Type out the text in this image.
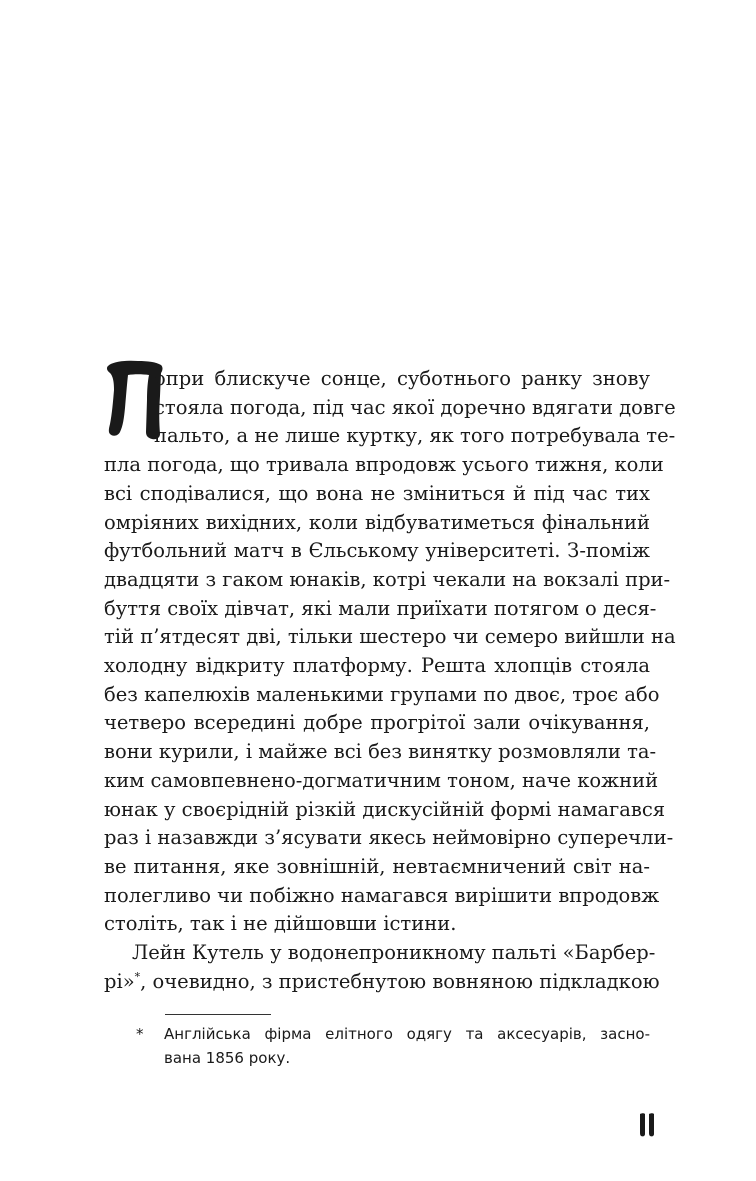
опри блискуче сонце, суботнього ранку знову
стояла погода, під час якої доречно вдягати довге
пальто, а не лише куртку, як того потребувала те-
пла погода, що тривала впродовж усього тижня, коли
всі сподівалися, що вона не зміниться й під час тих
омріяних вихідних, коли відбуватиметься фінальний
футбольний матч в Єльському університеті. З-поміж
двадцяти з гаком юнаків, котрі чекали на вокзалі при-
буття своїх дівчат, які мали приїхати потягом о деся-
тій п’ятдесят дві, тільки шестеро чи семеро вийшли на
холодну відкриту платформу. Решта хлопців стояла
без капелюхів маленькими групами по двоє, троє або
четверо всередині добре прогрітої зали очікування,
вони курили, і майже всі без винятку розмовляли та-
ким самовпевнено-догматичним тоном, наче кожний
юнак у своєрідній різкій дискусійній формі намагався
раз і назавжди з’ясувати якесь неймовірно суперечли-
ве питання, яке зовнішній, невтаємничений світ на-
полегливо чи побіжно намагався вирішити впродовж
століть, так і не дійшовши істини.
Лейн Кутель у водонепроникному пальті «Барбер-
рі»*, очевидно, з пристебнутою вовняною підкладкою
* Англійська фірма елітного одягу та аксесуарів, засно-
вана 1856 року.
